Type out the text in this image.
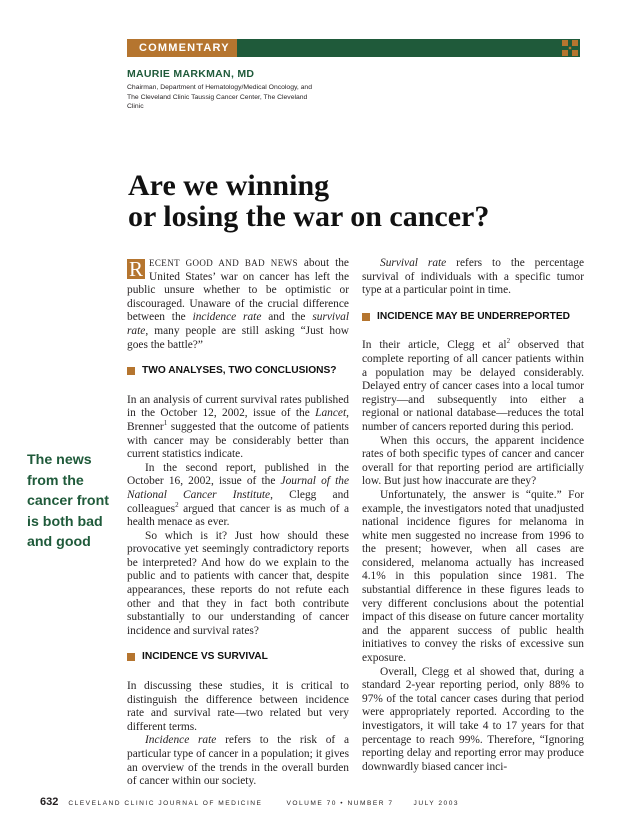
COMMENTARY
MAURIE MARKMAN, MD
Chairman, Department of Hematology/Medical Oncology, and The Cleveland Clinic Taussig Cancer Center, The Cleveland Clinic
Are we winning
or losing the war on cancer?
The news from the cancer front is both bad and good

R ECENT GOOD AND BAD NEWS about the United States’ war on cancer has left the public unsure whether to be optimistic or discouraged. Unaware of the crucial difference between the incidence rate and the survival rate, many people are still asking “Just how goes the battle?”

TWO ANALYSES, TWO CONCLUSIONS?

In an analysis of current survival rates published in the October 12, 2002, issue of the Lancet, Brenner$^1$ suggested that the outcome of patients with cancer may be considerably better than current statistics indicate.

In the second report, published in the October 16, 2002, issue of the Journal of the National Cancer Institute, Clegg and colleagues$^2$ argued that cancer is as much of a health menace as ever.

So which is it? Just how should these provocative yet seemingly contradictory reports be interpreted? And how do we explain to the public and to patients with cancer that, despite appearances, these reports do not refute each other and that they in fact both contribute substantially to our understanding of cancer incidence and survival rates?

INCIDENCE VS SURVIVAL

In discussing these studies, it is critical to distinguish the difference between incidence rate and survival rate—two related but very different terms.

Incidence rate refers to the risk of a particular type of cancer in a population; it gives an overview of the trends in the overall burden of cancer within our society.

Survival rate refers to the percentage survival of individuals with a specific tumor type at a particular point in time.

INCIDENCE MAY BE UNDERREPORTED

In their article, Clegg et $al^2$ observed that complete reporting of all cancer patients within a population may be delayed considerably. Delayed entry of cancer cases into a local tumor registry—and subsequently into either a regional or national database—reduces the total number of cancers reported during this period.

When this occurs, the apparent incidence rates of both specific types of cancer and cancer overall for that reporting period are artificially low. But just how inaccurate are they?

Unfortunately, the answer is “quite.” For example, the investigators noted that unadjusted national incidence figures for melanoma in white men suggested no increase from 1996 to the present; however, when all cases are considered, melanoma actually has increased 4.1% in this population since 1981. The substantial difference in these figures leads to very different conclusions about the potential impact of this disease on future cancer mortality and the apparent success of public health initiatives to convey the risks of excessive sun exposure.

Overall, Clegg et al showed that, during a standard 2-year reporting period, only 88% to 97% of the total cancer cases during that period were appropriately reported. According to the investigators, it will take 4 to 17 years for that percentage to reach 99%. Therefore, “Ignoring reporting delay and reporting error may produce downwardly biased cancer inci-

632 CLEVELAND CLINIC JOURNAL OF MEDICINE	VOLUME 70 • NUMBER 7	JULY 2003
